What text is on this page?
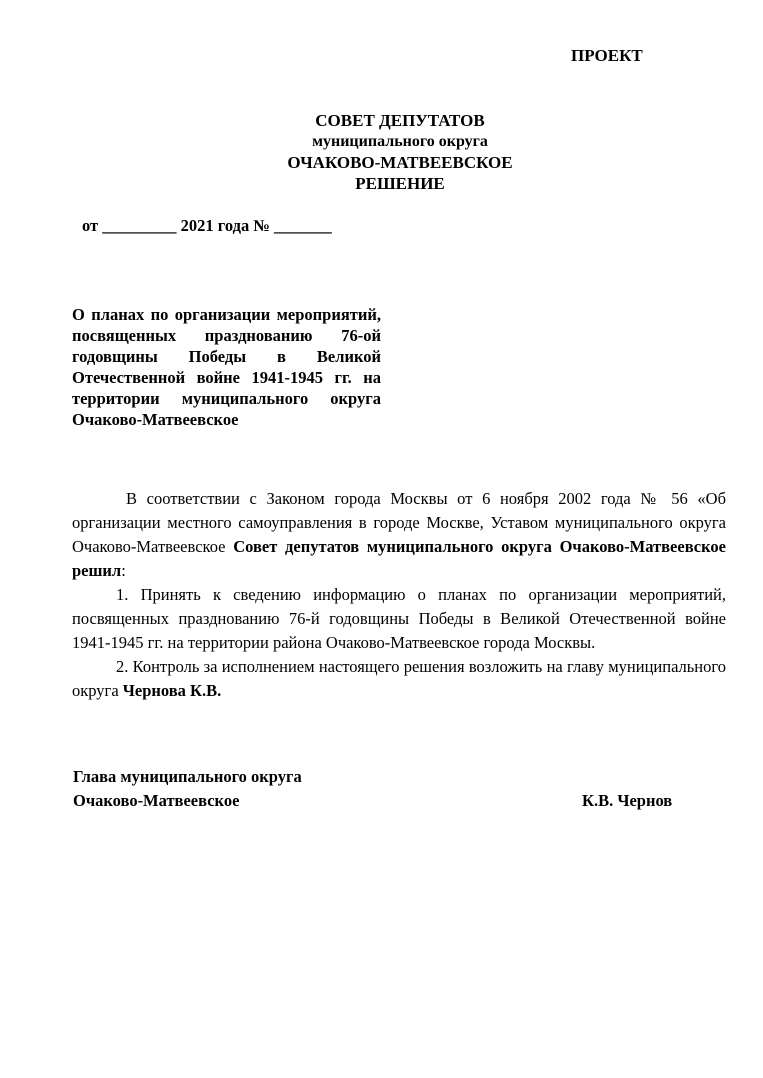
ПРОЕКТ
СОВЕТ ДЕПУТАТОВ
муниципального округа
ОЧАКОВО-МАТВЕЕВСКОЕ
РЕШЕНИЕ
от _________ 2021 года № _______
О планах по организации мероприятий, посвященных празднованию 76-ой годовщины Победы в Великой Отечественной войне 1941-1945 гг. на территории муниципального округа Очаково-Матвеевское

В соответствии с Законом города Москвы от 6 ноября 2002 года № 56 «Об организации местного самоуправления в городе Москве, Уставом муниципального округа Очаково-Матвеевское Совет депутатов муниципального округа Очаково-Матвеевское решил:

1. Принять к сведению информацию о планах по организации мероприятий, посвященных празднованию 76-й годовщины Победы в Великой Отечественной войне 1941-1945 гг. на территории района Очаково-Матвеевское города Москвы.

2. Контроль за исполнением настоящего решения возложить на главу муниципального округа Чернова К.В.

Глава муниципального округа
Очаково-Матвеевское	К.В. Чернов
